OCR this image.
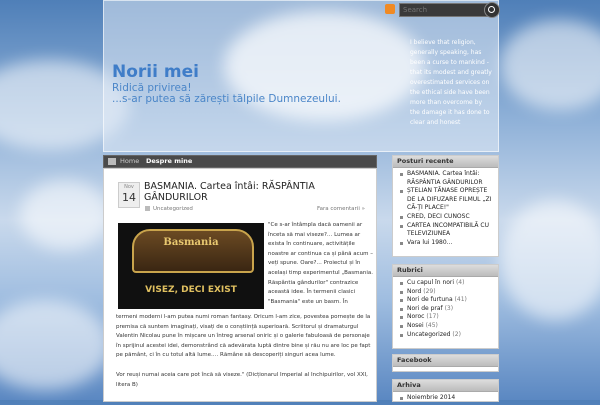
Norii mei
Ridică privirea!
...s-ar putea să zărești tălpile Dumnezeului.
Search
I believe that religion, generally speaking, has been a curse to mankind - that its modest and greatly overestimated services on the ethical side have been more than overcome by the damage it has done to clear and honest
Home Despre mine
Nov
14
BASMANIA. Cartea întâi: RĂSPÂNTIA GÂNDURILOR
Uncategorized	Fara comentarii »
Basmania
VISEZ, DECI EXIST
"Ce s-ar întâmpla dacă oamenii ar înceta să mai viseze?… Lumea ar exista în continuare, activitățile noastre ar continua ca și până acum – veți spune. Oare?… Proiectul și în același timp experimentul „Basmania. Răspântia gândurilor" contrazice această idee. În termenii clasici "Basmania" este un basm. În
termeni moderni l-am putea numi roman fantasy. Oricum l-am zice, povestea pornește de la premisa că suntem imaginați, visați de o conștiință superioară. Scriitorul și dramaturgul Valentin Nicolau pune în mișcare un întreg arsenal oniric și o galerie fabuloasă de personaje în sprijinul acestei idei, demonstrând că adevărata luptă dintre bine și rău nu are loc pe fapt pe pământ, ci în cu totul altă lume.… Rămâne să descoperiți singuri acea lume.
Vor reuși numai aceia care pot încă să viseze." (Dicționarul Imperial al Inchipuirilor, vol XXI, litera B)
Posturi recente
BASMANIA. Cartea întâi: RĂSPÂNTIA GÂNDURILOR
ȘTELIAN TĂNASE OPREȘTE DE LA DIFUZARE FILMUL „ZI CĂ-ȚI PLACE!"
CRED, DECI CUNOSC
CARTEA INCOMPATIBILĂ CU TELEVIZIUNEA
Vara lui 1980...
Rubrici
Cu capul în nori (4)
Nord (29)
Nori de furtuna (41)
Nori de praf (3)
Noroc (17)
Nosei (45)
Uncategorized (2)
Facebook
Arhiva
Noiembrie 2014
